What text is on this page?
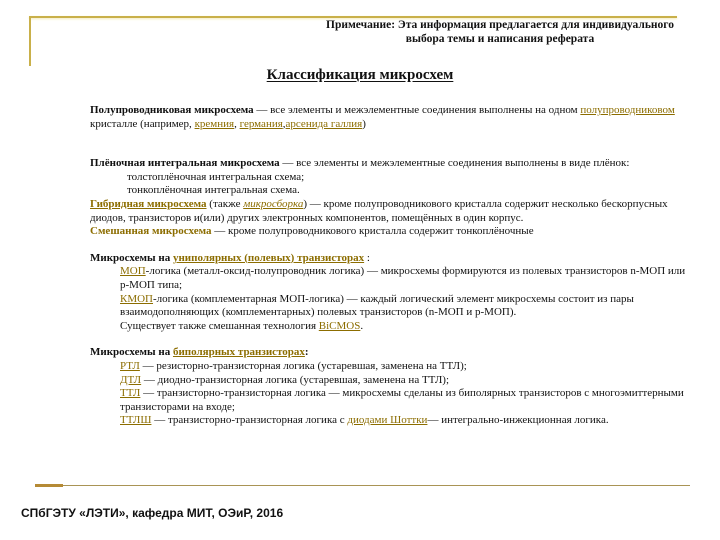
Примечание: Эта информация предлагается для индивидуального
выбора темы и написания реферата
Классификация микросхем

Полупроводниковая микросхема — все элементы и межэлементные соединения выполнены на одном полупроводниковом кристалле (например, кремния, германия,арсенида галлия)

Плёночная интегральная микросхема — все элементы и межэлементные соединения выполнены в виде плёнок:

толстоплёночная интегральная схема;

тонкоплёночная интегральная схема.

Гибридная микросхема (также микросборка) — кроме полупроводникового кристалла содержит несколько бескорпусных диодов, транзисторов и(или) других электронных компонентов, помещённых в один корпус.

Смешанная микросхема — кроме полупроводникового кристалла содержит тонкоплёночные

Микросхемы на униполярных (полевых) транзисторах :

МОП-логика (металл-оксид-полупроводник логика) — микросхемы формируются из полевых транзисторов n-МОП или p-МОП типа;

КМОП-логика (комплементарная МОП-логика) — каждый логический элемент микросхемы состоит из пары взаимодополняющих (комплементарных) полевых транзисторов (n-МОП и p-МОП).

Существует также смешанная технология BiCMOS.

Микросхемы на биполярных транзисторах:

РТЛ — резисторно-транзисторная логика (устаревшая, заменена на ТТЛ);

ДТЛ — диодно-транзисторная логика (устаревшая, заменена на ТТЛ);

ТТЛ — транзисторно-транзисторная логика — микросхемы сделаны из биполярных транзисторов с многоэмиттерными транзисторами на входе;

ТТЛШ — транзисторно-транзисторная логика с диодами Шоттки— интегрально-инжекционная логика.

СПбГЭТУ «ЛЭТИ», кафедра МИТ, ОЭиР, 2016
